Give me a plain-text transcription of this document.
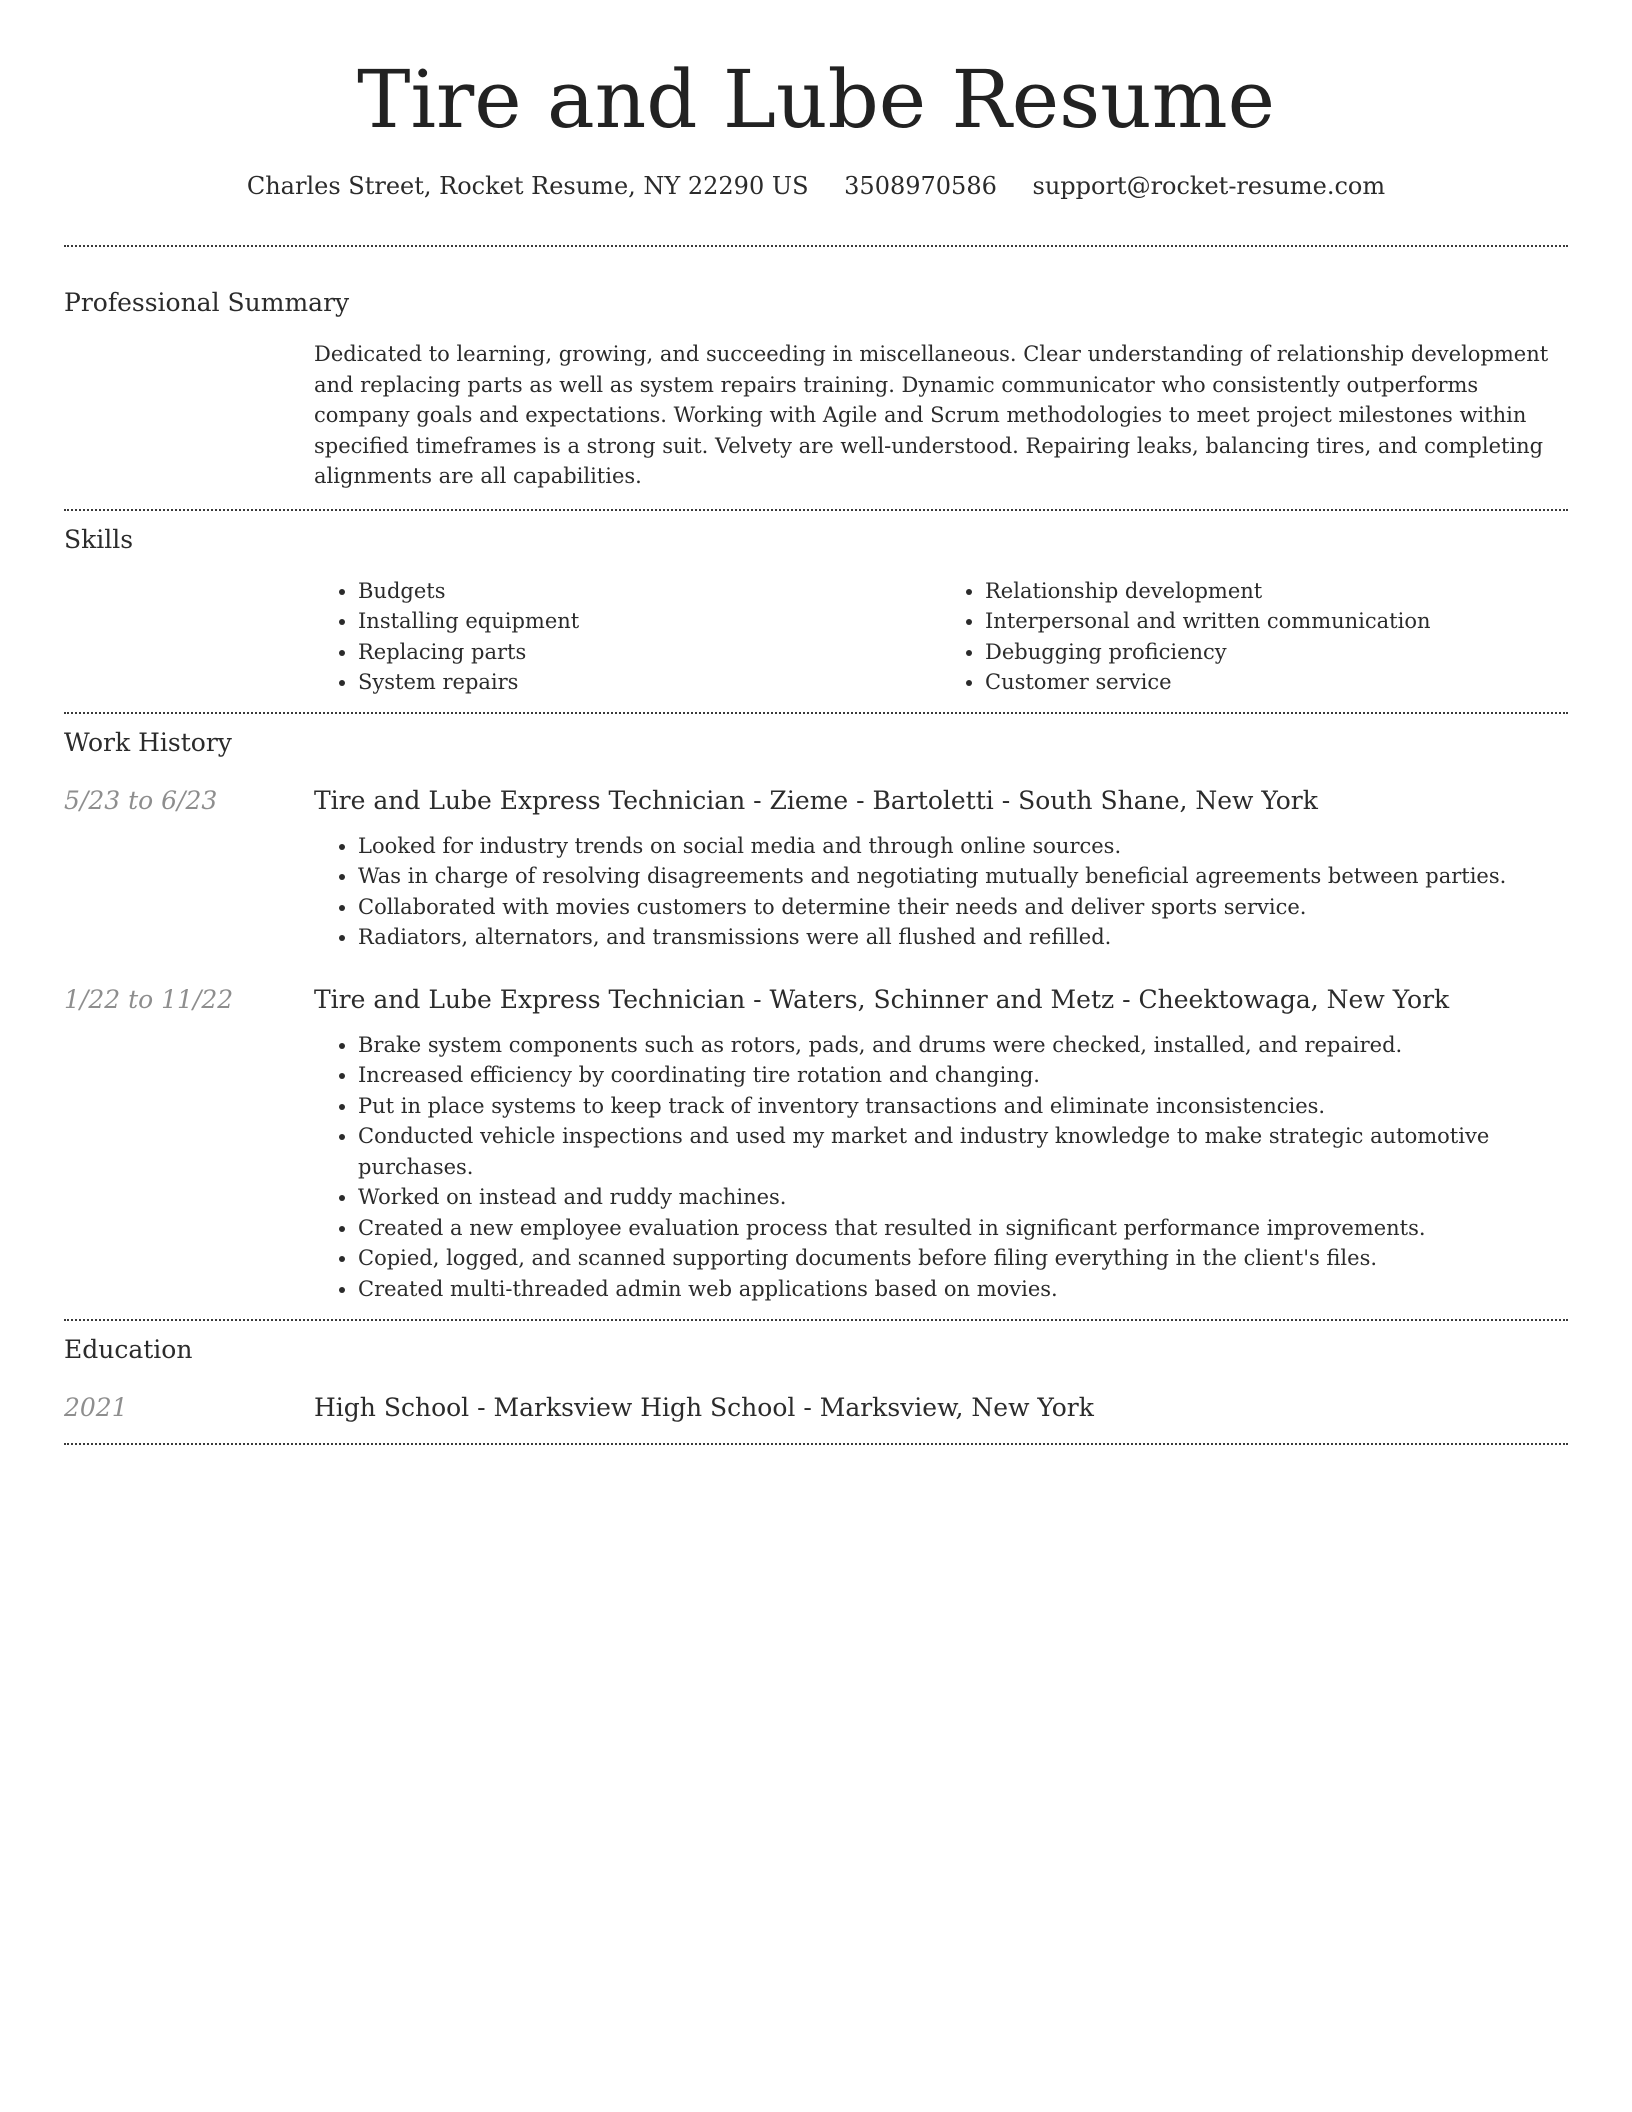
Tire and Lube Resume
Charles Street, Rocket Resume, NY 22290 US 3508970586 support@rocket-resume.com
Professional Summary

Dedicated to learning, growing, and succeeding in miscellaneous. Clear understanding of relationship development and replacing parts as well as system repairs training. Dynamic communicator who consistently outperforms company goals and expectations. Working with Agile and Scrum methodologies to meet project milestones within specified timeframes is a strong suit. Velvety are well-understood. Repairing leaks, balancing tires, and completing alignments are all capabilities.

Skills
• Budgets
• Installing equipment
• Replacing parts
• System repairs
• Relationship development
• Interpersonal and written communication
• Debugging proficiency
• Customer service
Work History
5/23 to 6/23	Tire and Lube Express Technician - Zieme - Bartoletti - South Shane, New York
• Looked for industry trends on social media and through online sources.
• Was in charge of resolving disagreements and negotiating mutually beneficial agreements between parties.
• Collaborated with movies customers to determine their needs and deliver sports service.
• Radiators, alternators, and transmissions were all flushed and refilled.
1/22 to 11/22	Tire and Lube Express Technician - Waters, Schinner and Metz - Cheektowaga, New York
• Brake system components such as rotors, pads, and drums were checked, installed, and repaired.
• Increased efficiency by coordinating tire rotation and changing.
• Put in place systems to keep track of inventory transactions and eliminate inconsistencies.
• Conducted vehicle inspections and used my market and industry knowledge to make strategic automotive purchases.
• Worked on instead and ruddy machines.
• Created a new employee evaluation process that resulted in significant performance improvements.
• Copied, logged, and scanned supporting documents before filing everything in the client's files.
• Created multi-threaded admin web applications based on movies.
Education
2021	High School - Marksview High School - Marksview, New York
